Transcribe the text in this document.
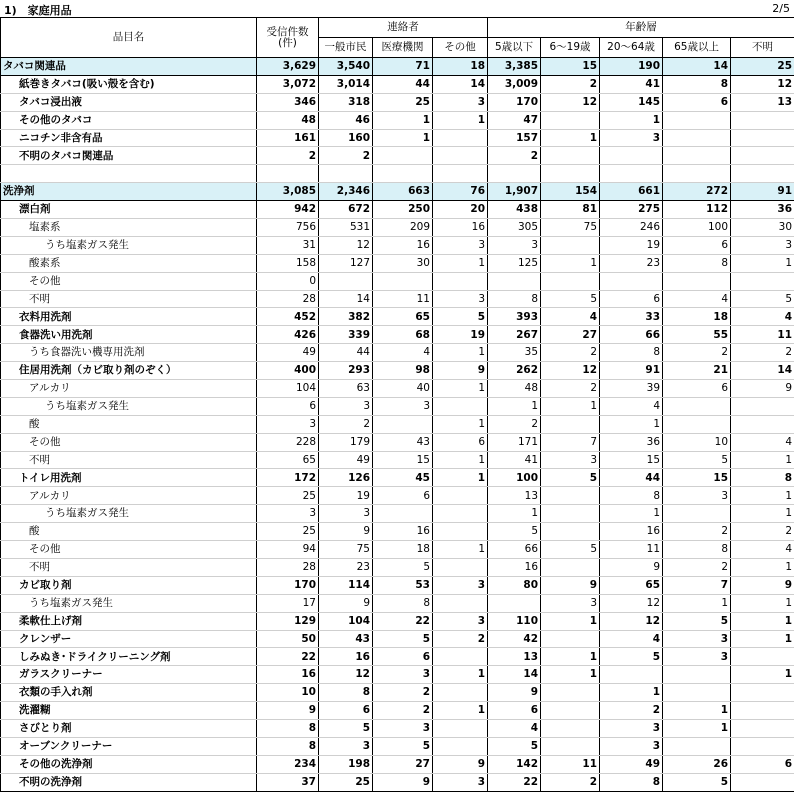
1)　家庭用品	2/5
品目名	受信件数
(件)	連絡者			年齢層				
		一般市民	医療機関	その他	5歳以下	6～19歳	20～64歳	65歳以上	不明
タバコ関連品	3,629	3,540	71	18	3,385	15	190	14	25
紙巻きタバコ(吸い殻を含む)	3,072	3,014	44	14	3,009	2	41	8	12
タバコ浸出液	346	318	25	3	170	12	145	6	13
その他のタバコ	48	46	1	1	47		1		
ニコチン非含有品	161	160	1		157	1	3		
不明のタバコ関連品	2	2			2				

洗浄剤	3,085	2,346	663	76	1,907	154	661	272	91
漂白剤	942	672	250	20	438	81	275	112	36
塩素系	756	531	209	16	305	75	246	100	30
うち塩素ガス発生	31	12	16	3	3		19	6	3
酸素系	158	127	30	1	125	1	23	8	1
その他	0								
不明	28	14	11	3	8	5	6	4	5
衣料用洗剤	452	382	65	5	393	4	33	18	4
食器洗い用洗剤	426	339	68	19	267	27	66	55	11
うち食器洗い機専用洗剤	49	44	4	1	35	2	8	2	2
住居用洗剤（カビ取り剤のぞく）	400	293	98	9	262	12	91	21	14
アルカリ	104	63	40	1	48	2	39	6	9
うち塩素ガス発生	6	3	3		1	1	4		
酸	3	2		1	2		1		
その他	228	179	43	6	171	7	36	10	4
不明	65	49	15	1	41	3	15	5	1
トイレ用洗剤	172	126	45	1	100	5	44	15	8
アルカリ	25	19	6		13		8	3	1
うち塩素ガス発生	3	3			1		1		1
酸	25	9	16		5		16	2	2
その他	94	75	18	1	66	5	11	8	4
不明	28	23	5		16		9	2	1
カビ取り剤	170	114	53	3	80	9	65	7	9
うち塩素ガス発生	17	9	8			3	12	1	1
柔軟仕上げ剤	129	104	22	3	110	1	12	5	1
クレンザー	50	43	5	2	42		4	3	1
しみぬき･ドライクリーニング剤	22	16	6		13	1	5	3	
ガラスクリーナー	16	12	3	1	14	1			1
衣類の手入れ剤	10	8	2		9		1		
洗濯糊	9	6	2	1	6		2	1	
さびとり剤	8	5	3		4		3	1	
オーブンクリーナー	8	3	5		5		3		
その他の洗浄剤	234	198	27	9	142	11	49	26	6
不明の洗浄剤	37	25	9	3	22	2	8	5	
